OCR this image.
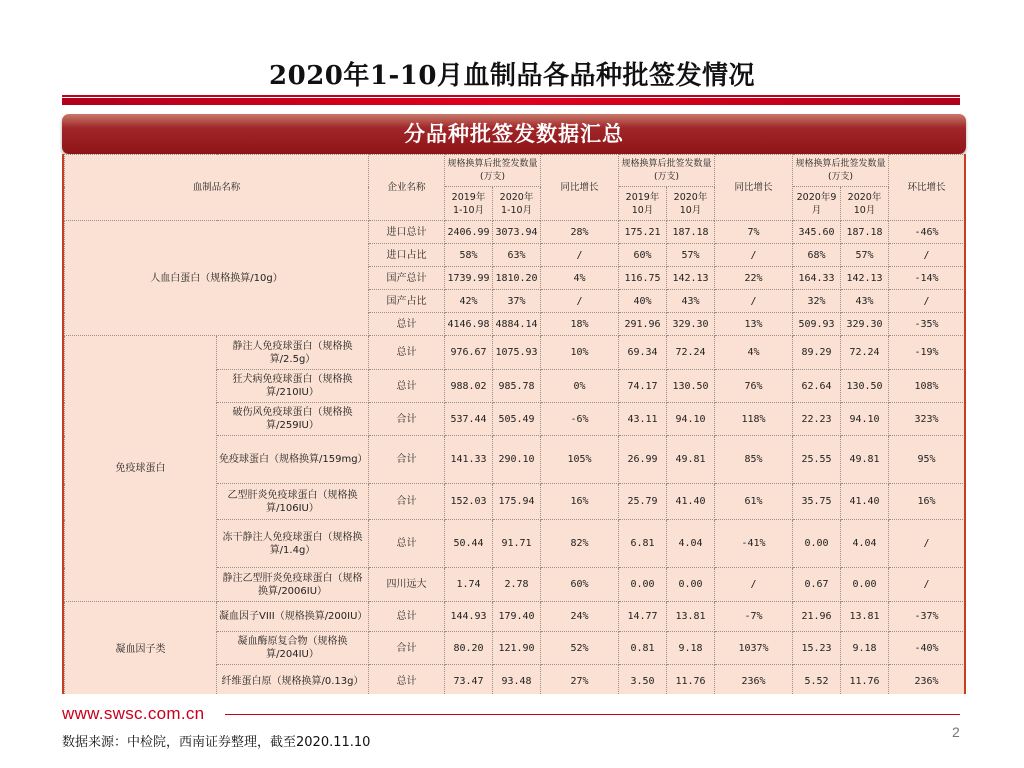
2020年1-10月血制品各品种批签发情况
分品种批签发数据汇总
血制品名称		企业名称	规格换算后批签发数量(万支)		同比增长	规格换算后批签发数量(万支)		同比增长	规格换算后批签发数量(万支)		环比增长
			2019年1-10月	2020年1-10月		2019年10月	2020年10月		2020年9月	2020年10月	
人血白蛋白（规格换算/10g）		进口总计	2406.99	3073.94	28%	175.21	187.18	7%	345.60	187.18	-46%
		进口占比	58%	63%	/	60%	57%	/	68%	57%	/
		国产总计	1739.99	1810.20	4%	116.75	142.13	22%	164.33	142.13	-14%
		国产占比	42%	37%	/	40%	43%	/	32%	43%	/
		总计	4146.98	4884.14	18%	291.96	329.30	13%	509.93	329.30	-35%
免疫球蛋白	静注人免疫球蛋白（规格换算/2.5g）	总计	976.67	1075.93	10%	69.34	72.24	4%	89.29	72.24	-19%
	狂犬病免疫球蛋白（规格换算/210IU）	总计	988.02	985.78	0%	74.17	130.50	76%	62.64	130.50	108%
	破伤风免疫球蛋白（规格换算/259IU）	合计	537.44	505.49	-6%	43.11	94.10	118%	22.23	94.10	323%
	免疫球蛋白（规格换算/159mg）	合计	141.33	290.10	105%	26.99	49.81	85%	25.55	49.81	95%
	乙型肝炎免疫球蛋白（规格换算/106IU）	合计	152.03	175.94	16%	25.79	41.40	61%	35.75	41.40	16%
	冻干静注人免疫球蛋白（规格换算/1.4g）	总计	50.44	91.71	82%	6.81	4.04	-41%	0.00	4.04	/
	静注乙型肝炎免疫球蛋白（规格换算/2006IU）	四川远大	1.74	2.78	60%	0.00	0.00	/	0.67	0.00	/
凝血因子类	凝血因子VIII（规格换算/200IU）	总计	144.93	179.40	24%	14.77	13.81	-7%	21.96	13.81	-37%
	凝血酶原复合物（规格换算/204IU）	合计	80.20	121.90	52%	0.81	9.18	1037%	15.23	9.18	-40%
	纤维蛋白原（规格换算/0.13g）	总计	73.47	93.48	27%	3.50	11.76	236%	5.52	11.76	236%
www.swsc.com.cn
数据来源：中检院，西南证券整理，截至2020.11.10
2
